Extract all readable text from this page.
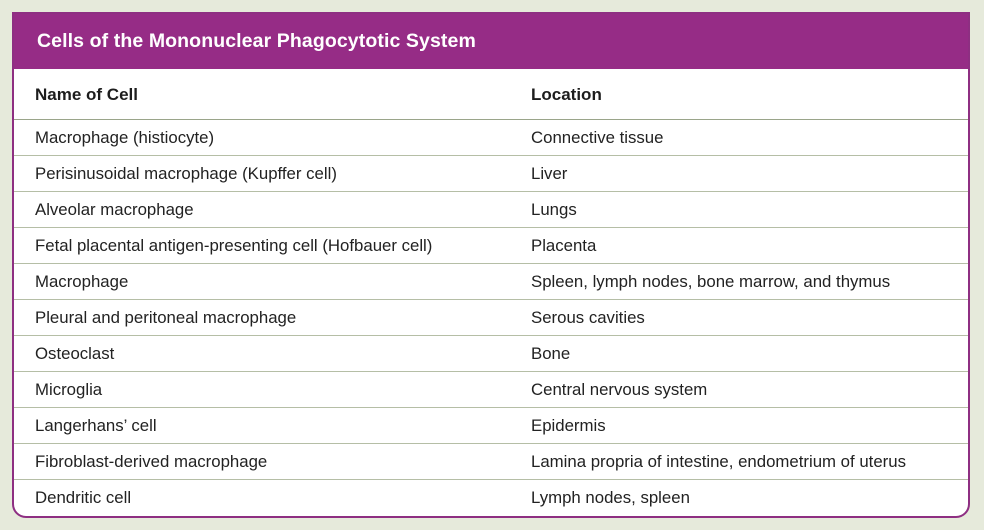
Cells of the Mononuclear Phagocytotic System
Name of Cell	Location
Macrophage (histiocyte)	Connective tissue
Perisinusoidal macrophage (Kupffer cell)	Liver
Alveolar macrophage	Lungs
Fetal placental antigen-presenting cell (Hofbauer cell)	Placenta
Macrophage	Spleen, lymph nodes, bone marrow, and thymus
Pleural and peritoneal macrophage	Serous cavities
Osteoclast	Bone
Microglia	Central nervous system
Langerhans’ cell	Epidermis
Fibroblast-derived macrophage	Lamina propria of intestine, endometrium of uterus
Dendritic cell	Lymph nodes, spleen
